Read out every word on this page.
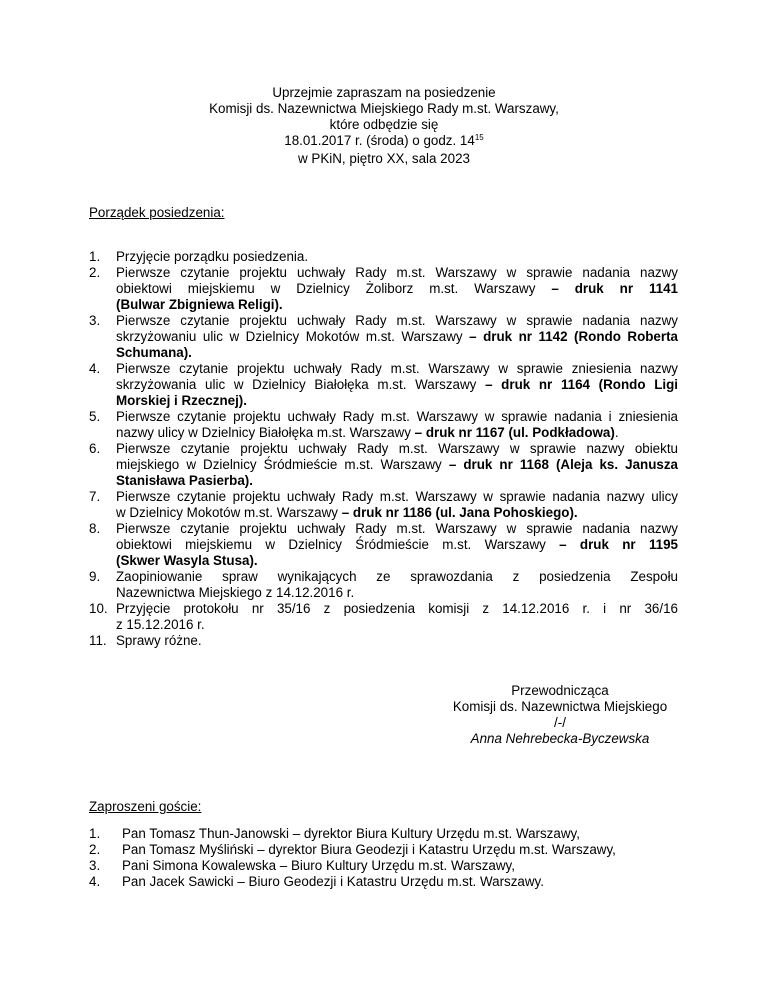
Uprzejmie zapraszam na posiedzenie
Komisji ds. Nazewnictwa Miejskiego Rady m.st. Warszawy,
które odbędzie się
18.01.2017 r. (środa) o godz. $14^{15}$
w PKiN, piętro XX, sala 2023
Porządek posiedzenia:
1. Przyjęcie porządku posiedzenia.
2. Pierwsze czytanie projektu uchwały Rady m.st. Warszawy w sprawie nadania nazwy
obiektowi miejskiemu w Dzielnicy Żoliborz m.st. Warszawy – druk nr 1141
(Bulwar Zbigniewa Religi).
3. Pierwsze czytanie projektu uchwały Rady m.st. Warszawy w sprawie nadania nazwy
skrzyżowaniu ulic w Dzielnicy Mokotów m.st. Warszawy – druk nr 1142 (Rondo Roberta
Schumana).
4. Pierwsze czytanie projektu uchwały Rady m.st. Warszawy w sprawie zniesienia nazwy
skrzyżowania ulic w Dzielnicy Białołęka m.st. Warszawy – druk nr 1164 (Rondo Ligi
Morskiej i Rzecznej).
5. Pierwsze czytanie projektu uchwały Rady m.st. Warszawy w sprawie nadania i zniesienia
nazwy ulicy w Dzielnicy Białołęka m.st. Warszawy – druk nr 1167 (ul. Podkładowa).
6. Pierwsze czytanie projektu uchwały Rady m.st. Warszawy w sprawie nazwy obiektu
miejskiego w Dzielnicy Śródmieście m.st. Warszawy – druk nr 1168 (Aleja ks. Janusza
Stanisława Pasierba).
7. Pierwsze czytanie projektu uchwały Rady m.st. Warszawy w sprawie nadania nazwy ulicy
w Dzielnicy Mokotów m.st. Warszawy – druk nr 1186 (ul. Jana Pohoskiego).
8. Pierwsze czytanie projektu uchwały Rady m.st. Warszawy w sprawie nadania nazwy
obiektowi miejskiemu w Dzielnicy Śródmieście m.st. Warszawy – druk nr 1195
(Skwer Wasyla Stusa).
9. Zaopiniowanie spraw wynikających ze sprawozdania z posiedzenia Zespołu
Nazewnictwa Miejskiego z 14.12.2016 r.
10. Przyjęcie protokołu nr 35/16 z posiedzenia komisji z 14.12.2016 r. i nr 36/16
z 15.12.2016 r.
11. Sprawy różne.
Przewodnicząca
Komisji ds. Nazewnictwa Miejskiego
/-/
Anna Nehrebecka-Byczewska
Zaproszeni goście:
1. Pan Tomasz Thun-Janowski – dyrektor Biura Kultury Urzędu m.st. Warszawy,
2. Pan Tomasz Myśliński – dyrektor Biura Geodezji i Katastru Urzędu m.st. Warszawy,
3. Pani Simona Kowalewska – Biuro Kultury Urzędu m.st. Warszawy,
4. Pan Jacek Sawicki – Biuro Geodezji i Katastru Urzędu m.st. Warszawy.
